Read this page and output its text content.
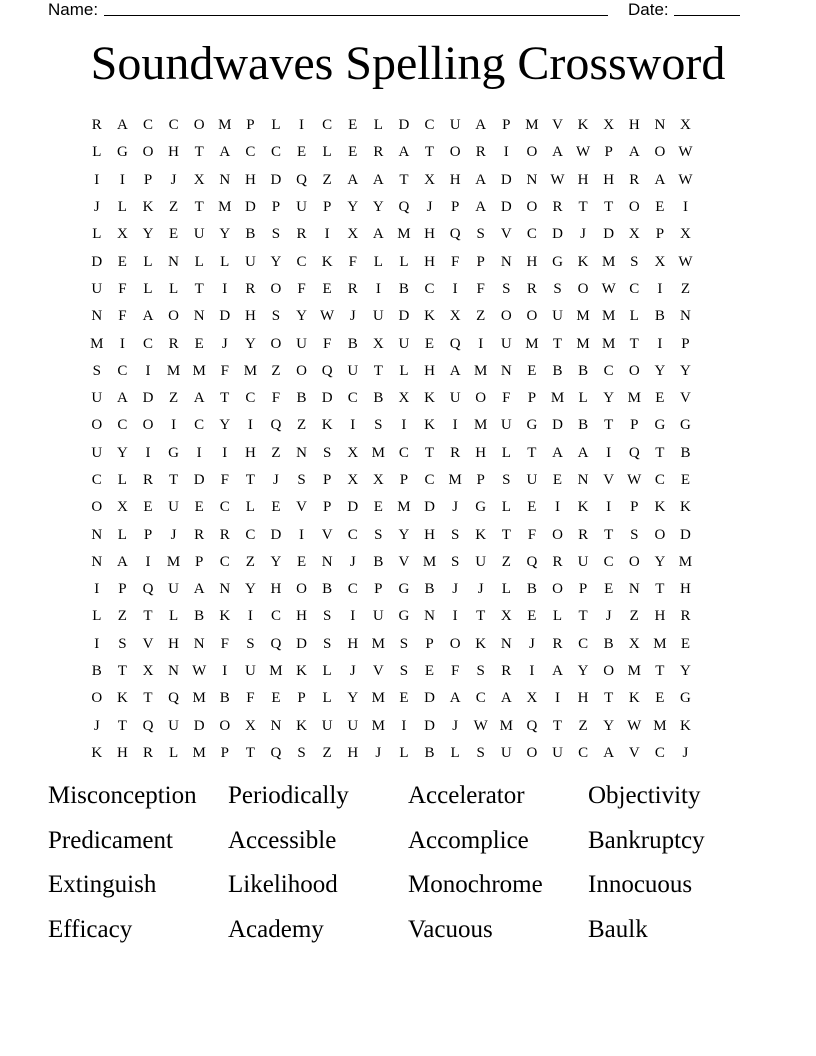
Name:	Date:
Soundwaves Spelling Crossword
R	A	C	C	O M P	L	I	C	E	L	D	C	U A	P M V K X H N X
L	G O H	T	A	C	C	E	L	E	R	A	T	O	R	I	O A W P	A O W
I	I	P	J	X N H D Q	Z	A A	T	X H A D N W H H	R	A W
J	L	K	Z	T M D	P	U	P	Y Y Q	J	P	A D O	R	T	T	O	E	I
L	X Y	E	U Y	B	S	R	I	X A M H Q	S	V	C	D	J	D X	P	X
D	E	L	N	L	L	U Y	C	K	F	L	L	H	F	P	N H G K M S	X W
U	F	L	L	T	I	R	O	F	E	R	I	B	C	I	F	S	R	S	O W C	I	Z
N	F	A O N D H	S	Y W	J	U D K X	Z	O O U M M L	B	N
M	I	C	R	E	J	Y O U	F	B	X U	E	Q	I	U M T M M T	I	P
S	C	I	M M F M Z	O Q U	T	L	H A M N	E	B	B	C	O Y Y
U A D	Z	A	T	C	F	B	D	C	B	X K U O	F	P M L	Y M E	V
O	C	O	I	C	Y	I	Q	Z	K	I	S	I	K	I	M U G D	B	T	P	G G
U Y	I	G	I	I	H	Z	N	S	X M C	T	R	H	L	T	A A	I	Q	T	B
C	L	R	T	D	F	T	J	S	P	X X	P	C M P	S	U	E	N V W C	E
O X	E	U	E	C	L	E	V	P	D	E M D	J	G	L	E	I	K	I	P	K K
N	L	P	J	R	R	C	D	I	V	C	S	Y H	S	K	T	F	O	R	T	S	O D
N A	I	M P	C	Z	Y	E	N	J	B	V M S	U	Z	Q	R	U	C	O Y M
I	P	Q U A N Y H O	B	C	P	G	B	J	J	L	B	O	P	E	N	T	H
L	Z	T	L	B	K	I	C	H	S	I	U G N	I	T	X	E	L	T	J	Z	H	R
I	S	V H N	F	S	Q D	S	H M S	P	O K N	J	R	C	B	X M E
B	T	X N W	I	U M K	L	J	V	S	E	F	S	R	I	A Y O M T	Y
O K	T	Q M B	F	E	P	L	Y M E	D A	C	A X	I	H	T	K	E	G
J	T	Q U D O X N K U U M	I	D	J	W M Q	T	Z	Y W M K
K H	R	L M P	T	Q	S	Z	H	J	L	B	L	S	U O U	C	A V	C	J
Misconception	Periodically	Accelerator	Objectivity
Predicament	Accessible	Accomplice	Bankruptcy
Extinguish	Likelihood	Monochrome	Innocuous
Efficacy	Academy	Vacuous	Baulk
